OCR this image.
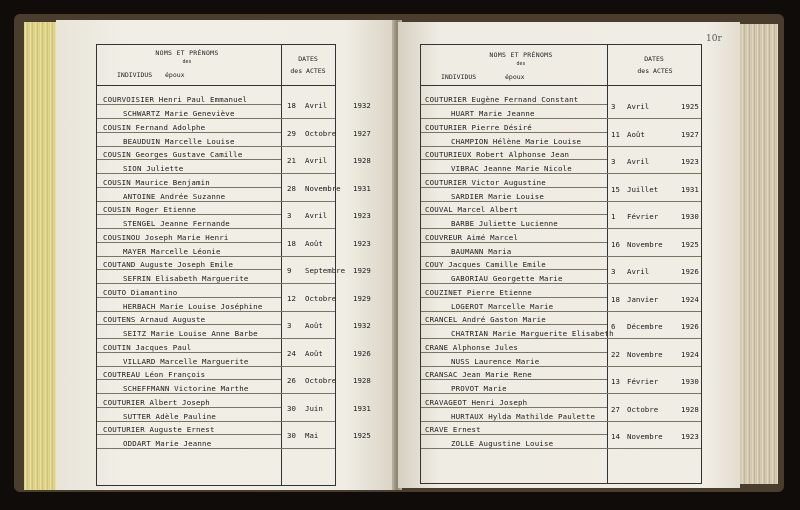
NOMS ET PRÉNOMS
des
INDIVIDUS époux
DATES
des ACTES
COURVOISIER Henri Paul Emmanuel
SCHWARTZ Marie Geneviève
18 Avril	1932
COUSIN Fernand Adolphe
BEAUDUIN Marcelle Louise
29 Octobre 1927
COUSIN Georges Gustave Camille
SION Juliette
21 Avril	1928
COUSIN Maurice Benjamin
ANTOINE Andrée Suzanne
28 Novembre 1931
COUSIN Roger Etienne
STENGEL Jeanne Fernande
3 Avril	1923
COUSINOU Joseph Marie Henri
MAYER Marcelle Léonie
18 Août	1923
COUTAND Auguste Joseph Emile
SEFRIN Elisabeth Marguerite
9 Septembre 1929
COUTO Diamantino
HERBACH Marie Louise Joséphine
12 Octobre 1929
COUTENS Arnaud Auguste
SEITZ Marie Louise Anne Barbe
3 Août	1932
COUTIN Jacques Paul
VILLARD Marcelle Marguerite
24 Août	1926
COUTREAU Léon François
SCHEFFMANN Victorine Marthe
26 Octobre 1928
COUTURIER Albert Joseph
SUTTER Adèle Pauline
30 Juin	1931
COUTURIER Auguste Ernest
ODDART Marie Jeanne
30 Mai	1925
10r
NOMS ET PRÉNOMS
des
INDIVIDUS	époux
DATES
des ACTES
COUTURIER Eugène Fernand Constant
HUART Marie Jeanne
3 Avril	1925
COUTURIER Pierre Désiré
CHAMPION Hélène Marie Louise
11 Août	1927
COUTURIEUX Robert Alphonse Jean
VIBRAC Jeanne Marie Nicole
3 Avril	1923
COUTURIER Victor Augustine
SARDIER Marie Louise
15 Juillet	1931
COUVAL Marcel Albert
BARBE Juliette Lucienne
1 Février	1930
COUVREUR Aimé Marcel
BAUMANN Maria
16 Novembre 1925
COUY Jacques Camille Emile
GABORIAU Georgette Marie
3 Avril	1926
COUZINET Pierre Etienne
LOGEROT Marcelle Marie
18 Janvier	1924
CRANCEL André Gaston Marie
CHATRIAN Marie Marguerite Elisabeth
6 Décembre 1926
CRANE Alphonse Jules
NUSS Laurence Marie
22 Novembre 1924
CRANSAC Jean Marie Rene
PROVOT Marie
13 Février	1930
CRAVAGEOT Henri Joseph
HURTAUX Hylda Mathilde Paulette
27 Octobre	1928
CRAVE Ernest
ZOLLE Augustine Louise
14 Novembre 1923
